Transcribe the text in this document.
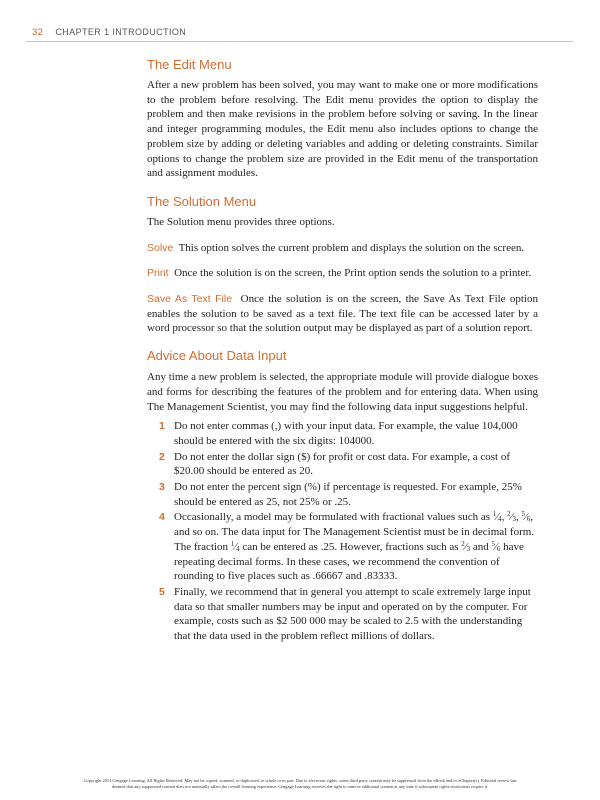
32 CHAPTER 1 INTRODUCTION
The Edit Menu

After a new problem has been solved, you may want to make one or more modifications to the problem before resolving. The Edit menu provides the option to display the problem and then make revisions in the problem before solving or saving. In the linear and integer programming modules, the Edit menu also includes options to change the problem size by adding or deleting variables and adding or deleting constraints. Similar options to change the problem size are provided in the Edit menu of the transportation and assignment modules.

The Solution Menu

The Solution menu provides three options.

Solve This option solves the current problem and displays the solution on the screen.

Print Once the solution is on the screen, the Print option sends the solution to a printer.

Save As Text File Once the solution is on the screen, the Save As Text File option enables the solution to be saved as a text file. The text file can be accessed later by a word processor so that the solution output may be displayed as part of a solution report.

Advice About Data Input

Any time a new problem is selected, the appropriate module will provide dialogue boxes and forms for describing the features of the problem and for entering data. When using The Management Scientist, you may find the following data input suggestions helpful.

1 Do not enter commas (,) with your input data. For example, the value 104,000 should be entered with the six digits: 104000.
2 Do not enter the dollar sign ($) for profit or cost data. For example, a cost of $20.00 should be entered as 20.
3 Do not enter the percent sign (%) if percentage is requested. For example, 25% should be entered as 25, not 25% or .25.
4 Occasionally, a model may be formulated with fractional values such as $^1⁄_4$, $^2⁄_3$, $^5⁄_6$, and so on. The data input for The Management Scientist must be in decimal form. The fraction $^1⁄_4$ can be entered as .25. However, fractions such as $^2⁄_3$ and $^5⁄_6$ have repeating decimal forms. In these cases, we recommend the convention of rounding to five places such as .66667 and .83333.
5 Finally, we recommend that in general you attempt to scale extremely large input data so that smaller numbers may be input and operated on by the computer. For example, costs such as $2 500 000 may be scaled to 2.5 with the understanding that the data used in the problem reflect millions of dollars.
Copyright 2014 Cengage Learning. All Rights Reserved. May not be copied, scanned, or duplicated, in whole or in part. Due to electronic rights, some third party content may be suppressed from the eBook and/or eChapter(s). Editorial review has
deemed that any suppressed content does not materially affect the overall learning experience. Cengage Learning reserves the right to remove additional content at any time if subsequent rights restrictions require it.
